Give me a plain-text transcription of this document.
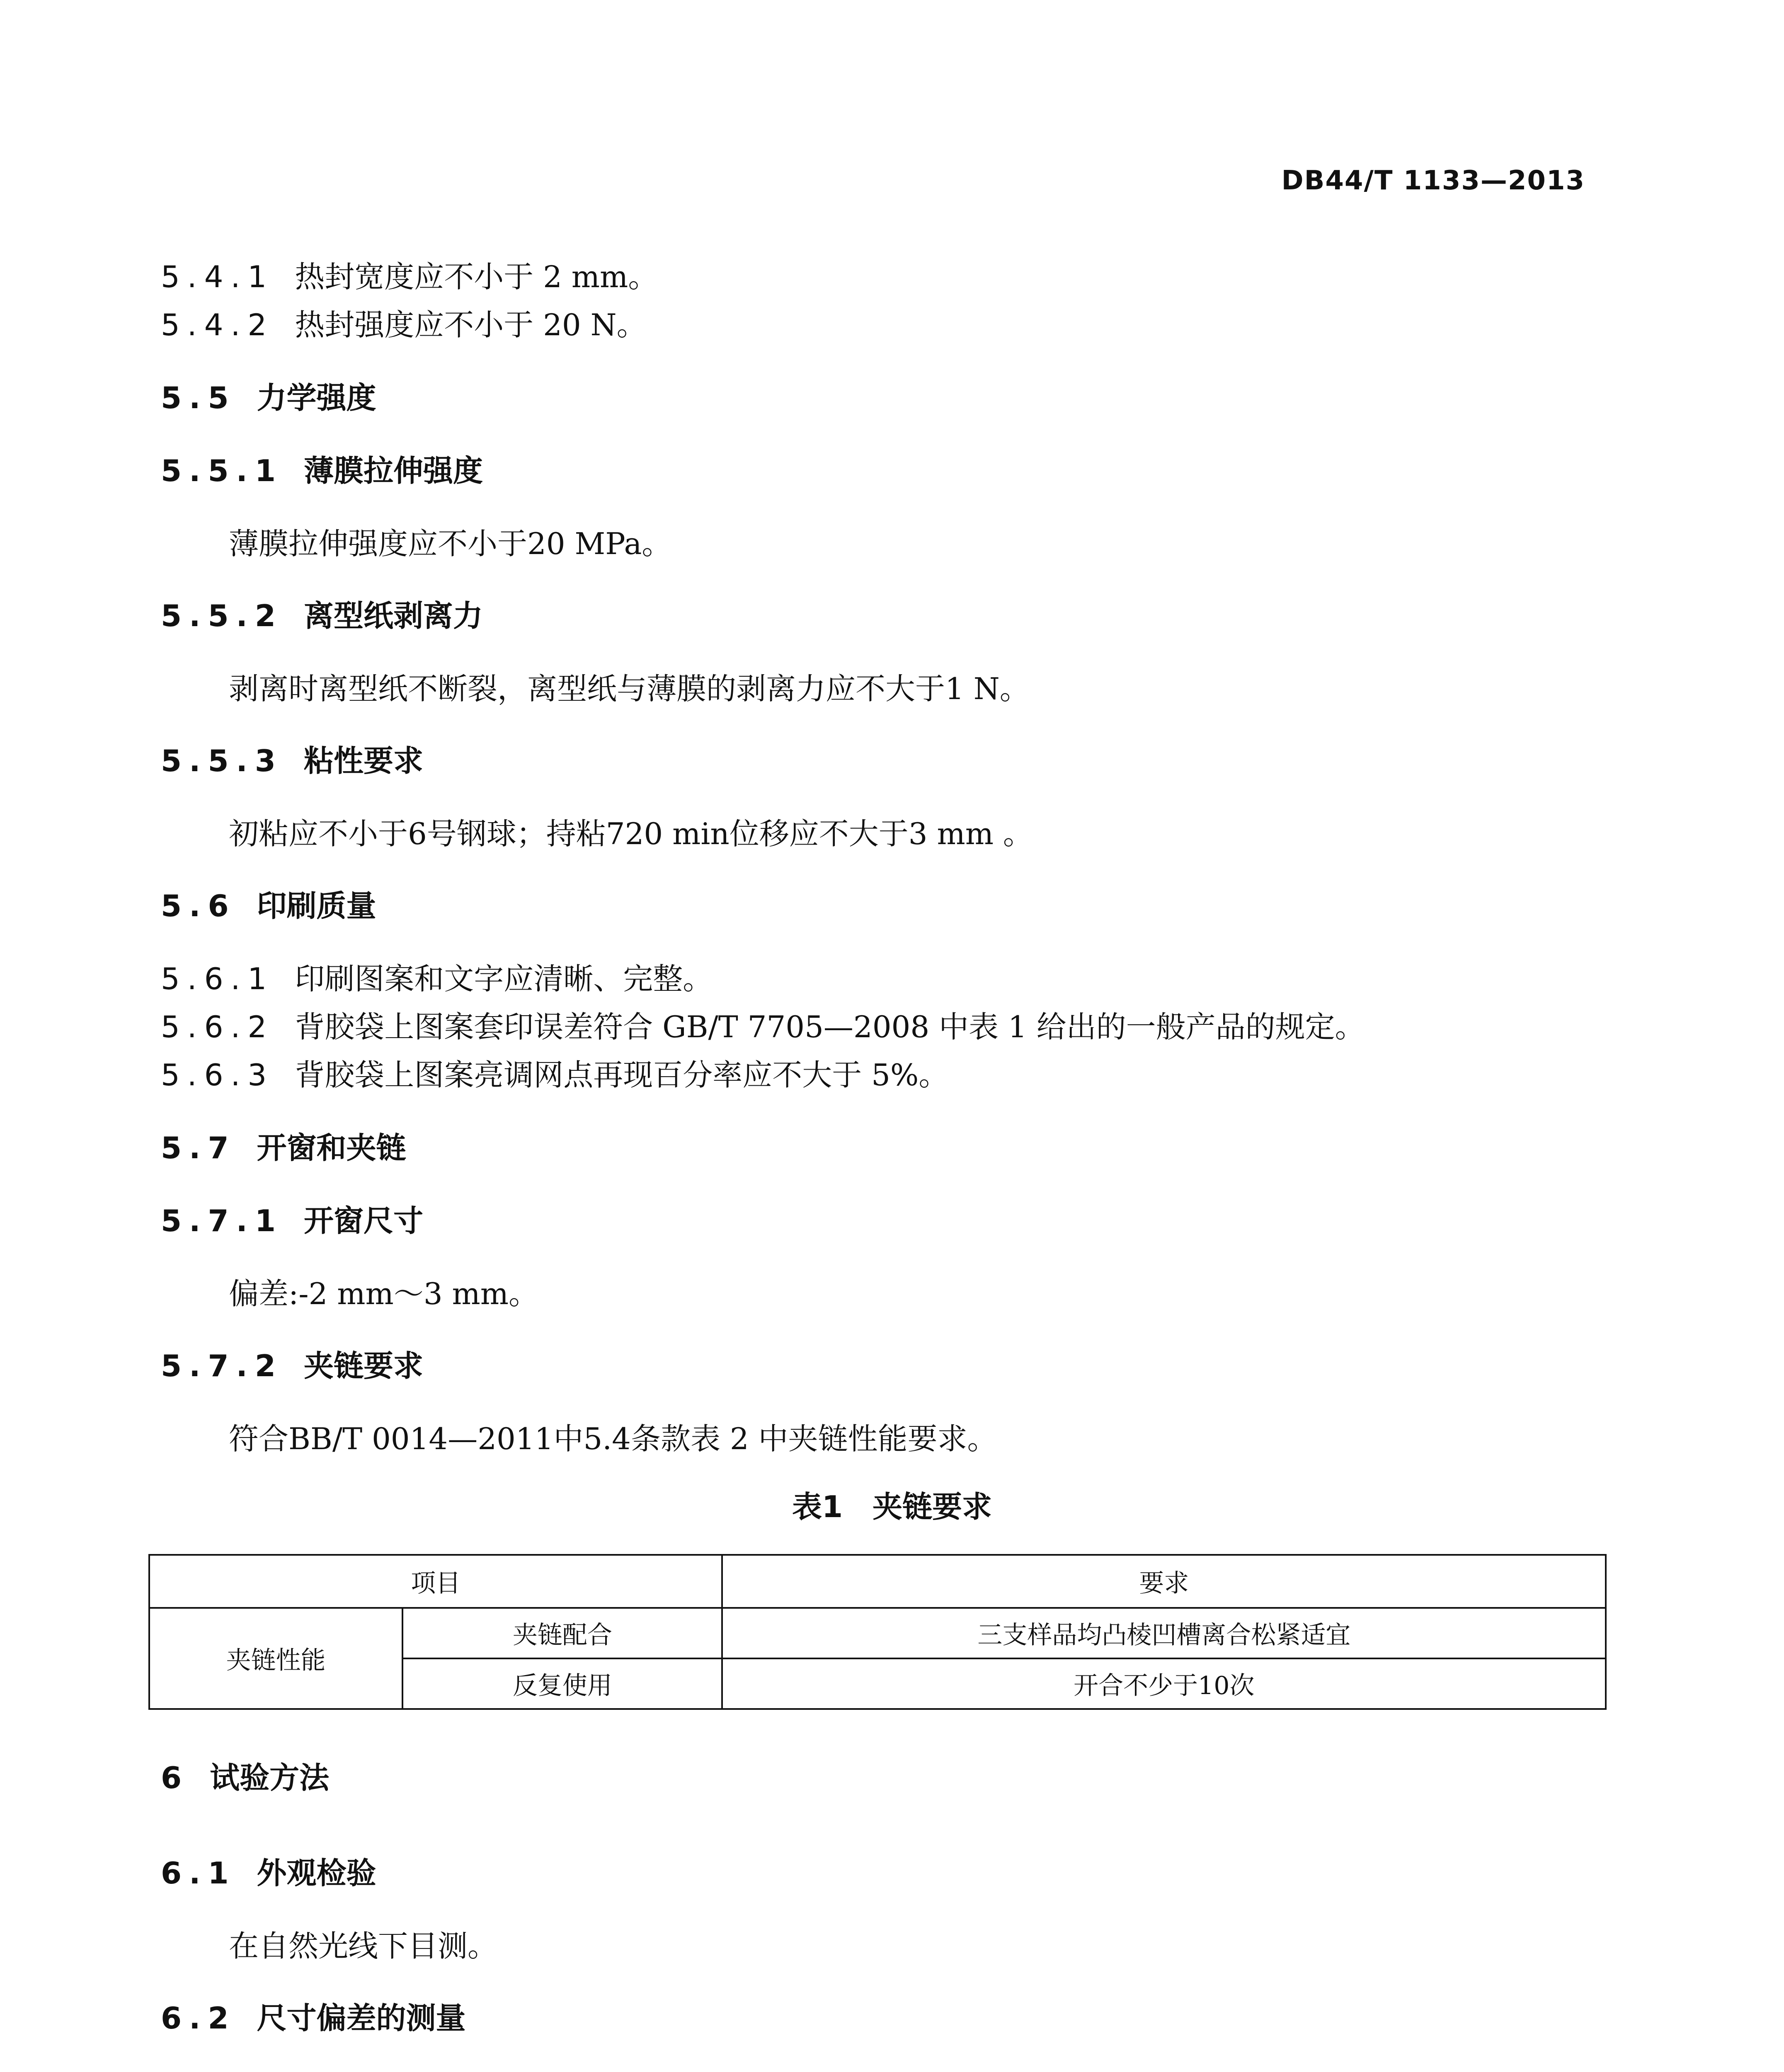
DB44/T 1133—2013
5.4.1 热封宽度应不小于 2 mm。
5.4.2 热封强度应不小于 20 N。
5.5 力学强度
5.5.1 薄膜拉伸强度
薄膜拉伸强度应不小于20 MPa。
5.5.2 离型纸剥离力
剥离时离型纸不断裂，离型纸与薄膜的剥离力应不大于1 N。
5.5.3 粘性要求
初粘应不小于6号钢球；持粘720 min位移应不大于3 mm 。
5.6 印刷质量
5.6.1 印刷图案和文字应清晰、完整。
5.6.2 背胶袋上图案套印误差符合 GB/T 7705—2008 中表 1 给出的一般产品的规定。
5.6.3 背胶袋上图案亮调网点再现百分率应不大于 5%。
5.7 开窗和夹链
5.7.1 开窗尺寸
偏差:-2 mm～3 mm。
5.7.2 夹链要求
符合BB/T 0014—2011中5.4条款表 2 中夹链性能要求。
表1　夹链要求
项目		要求
夹链性能	夹链配合	三支样品均凸棱凹槽离合松紧适宜
	反复使用	开合不少于10次
6 试验方法
6.1 外观检验
在自然光线下目测。
6.2 尺寸偏差的测量
